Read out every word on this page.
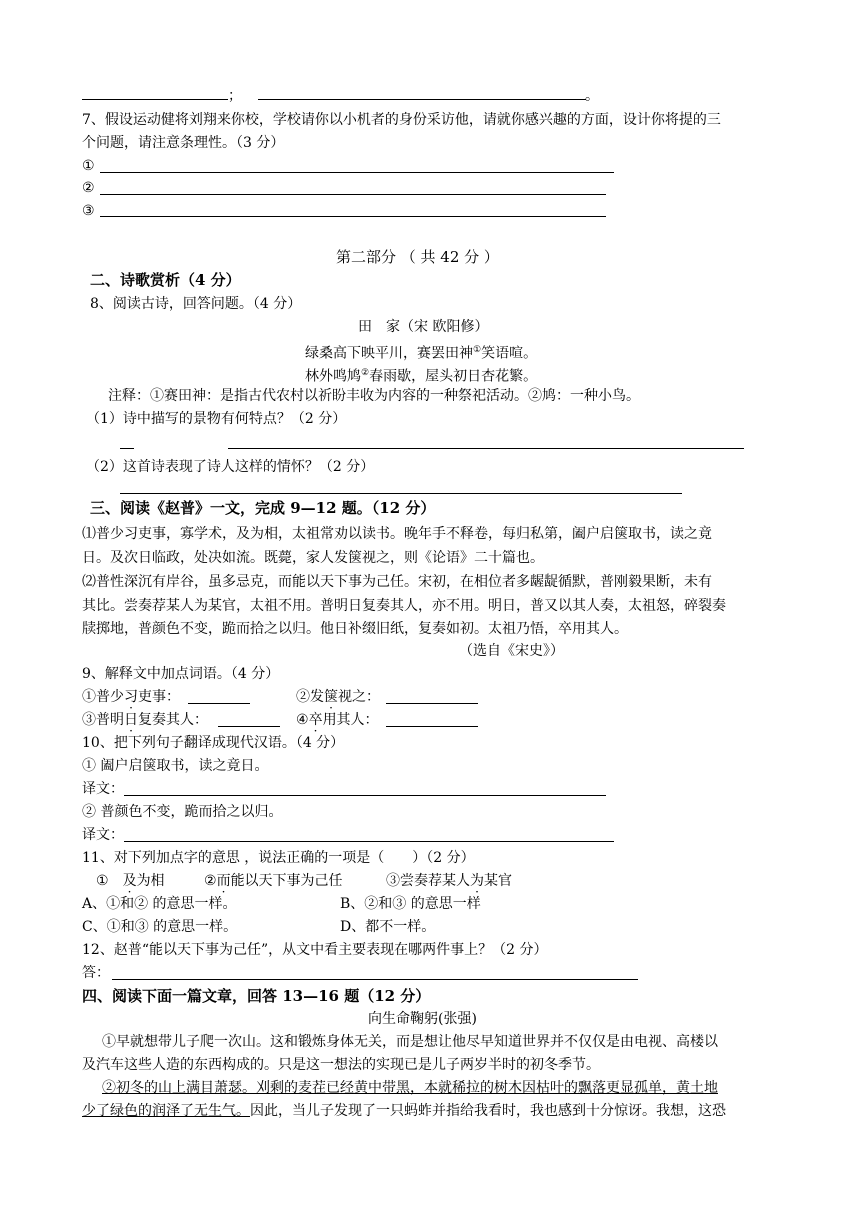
；	。
7、假设运动健将刘翔来你校，学校请你以小机者的身份采访他，请就你感兴趣的方面，设计你将提的三
个问题，请注意条理性。（3 分）
①
②
③
第二部分 （ 共 42 分 ）
二、诗歌赏析（4 分）
8、阅读古诗，回答问题。（4 分）
田　家（宋 欧阳修）
绿桑高下映平川，赛罢田神①笑语喧。
林外鸣鸠②春雨歇，屋头初日杏花繁。
注释：①赛田神：是指古代农村以祈盼丰收为内容的一种祭祀活动。②鸠：一种小鸟。
（1）诗中描写的景物有何特点？（2 分）
（2）这首诗表现了诗人这样的情怀？（2 分）
三、阅读《赵普》一文，完成 9—12 题。（12 分）
⑴普少习吏事，寡学术，及为相，太祖常劝以读书。晚年手不释卷，每归私第，阖户启箧取书，读之竟
日。及次日临政，处决如流。既薨，家人发箧视之，则《论语》二十篇也。
⑵普性深沉有岸谷，虽多忌克，而能以天下事为己任。宋初，在相位者多龌龊循默，普刚毅果断，未有
其比。尝奏荐某人为某官，太祖不用。普明日复奏其人，亦不用。明日，普又以其人奏，太祖怒，碎裂奏
牍掷地，普颜色不变，跪而拾之以归。他日补缀旧纸，复奏如初。太祖乃悟，卒用其人。
（选自《宋史》）
9、解释文中加点词语。（4 分）
①普少习吏事：	②发箧视之：
③普明日复奏其人：	④卒用其人：
10、把下列句子翻译成现代汉语。（4 分）
① 阖户启箧取书，读之竟日。
译文：
② 普颜色不变，跪而拾之以归。
译文：
11、对下列加点字的意思 ，说法正确的一项是（　　）（2 分）
①　及为相	②而能以天下事为己任	③尝奏荐某人为某官
A、①和② 的意思一样。	B、②和③ 的意思一样
C、①和③ 的意思一样。	D、都不一样。
12、赵普“能以天下事为己任”，从文中看主要表现在哪两件事上？（2 分）
答：
四、阅读下面一篇文章，回答 13—16 题（12 分）
向生命鞠躬(张强)
①早就想带儿子爬一次山。这和锻炼身体无关，而是想让他尽早知道世界并不仅仅是由电视、高楼以
及汽车这些人造的东西构成的。只是这一想法的实现已是儿子两岁半时的初冬季节。
②初冬的山上满目萧瑟。刈剩的麦茬已经黄中带黑，本就稀拉的树木因枯叶的飘落更显孤单，黄土地
少了绿色的润泽了无生气。因此，当儿子发现了一只蚂蚱并指给我看时，我也感到十分惊讶。我想，这恐
